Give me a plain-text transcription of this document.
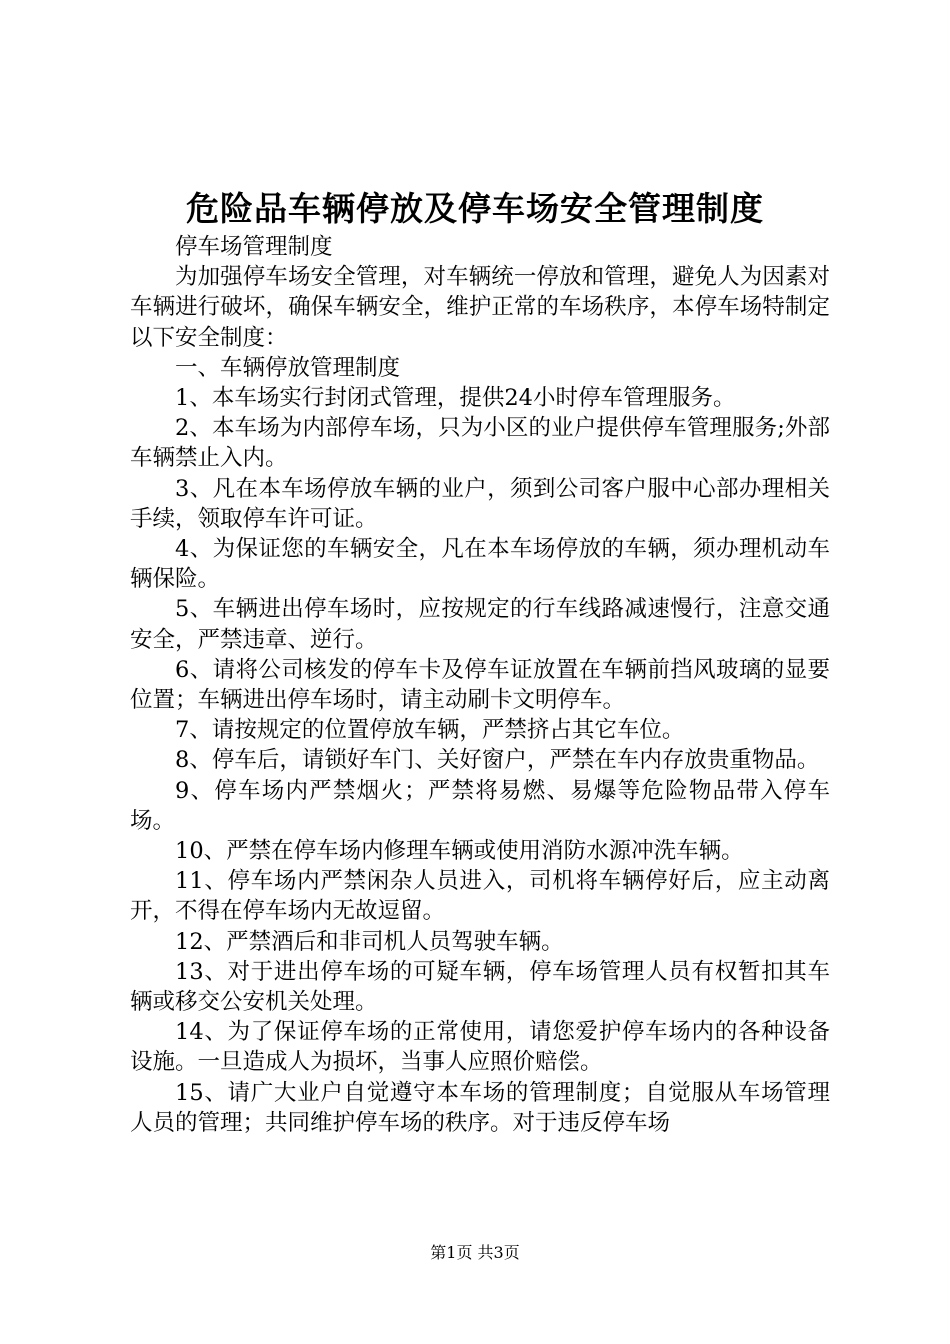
危险品车辆停放及停车场安全管理制度

停车场管理制度

为加强停车场安全管理，对车辆统一停放和管理，避免人为因素对车辆进行破坏，确保车辆安全，维护正常的车场秩序，本停车场特制定以下安全制度：

一、车辆停放管理制度

1、本车场实行封闭式管理，提供24小时停车管理服务。

2、本车场为内部停车场，只为小区的业户提供停车管理服务;外部车辆禁止入内。

3、凡在本车场停放车辆的业户，须到公司客户服中心部办理相关手续，领取停车许可证。

4、为保证您的车辆安全，凡在本车场停放的车辆，须办理机动车辆保险。

5、车辆进出停车场时，应按规定的行车线路减速慢行，注意交通安全，严禁违章、逆行。

6、请将公司核发的停车卡及停车证放置在车辆前挡风玻璃的显要位置；车辆进出停车场时，请主动刷卡文明停车。

7、请按规定的位置停放车辆，严禁挤占其它车位。

8、停车后，请锁好车门、关好窗户，严禁在车内存放贵重物品。

9、停车场内严禁烟火；严禁将易燃、易爆等危险物品带入停车场。

10、严禁在停车场内修理车辆或使用消防水源冲洗车辆。

11、停车场内严禁闲杂人员进入，司机将车辆停好后，应主动离开，不得在停车场内无故逗留。

12、严禁酒后和非司机人员驾驶车辆。

13、对于进出停车场的可疑车辆，停车场管理人员有权暂扣其车辆或移交公安机关处理。

14、为了保证停车场的正常使用，请您爱护停车场内的各种设备设施。一旦造成人为损坏，当事人应照价赔偿。

15、请广大业户自觉遵守本车场的管理制度；自觉服从车场管理人员的管理；共同维护停车场的秩序。对于违反停车场

第1页 共3页
